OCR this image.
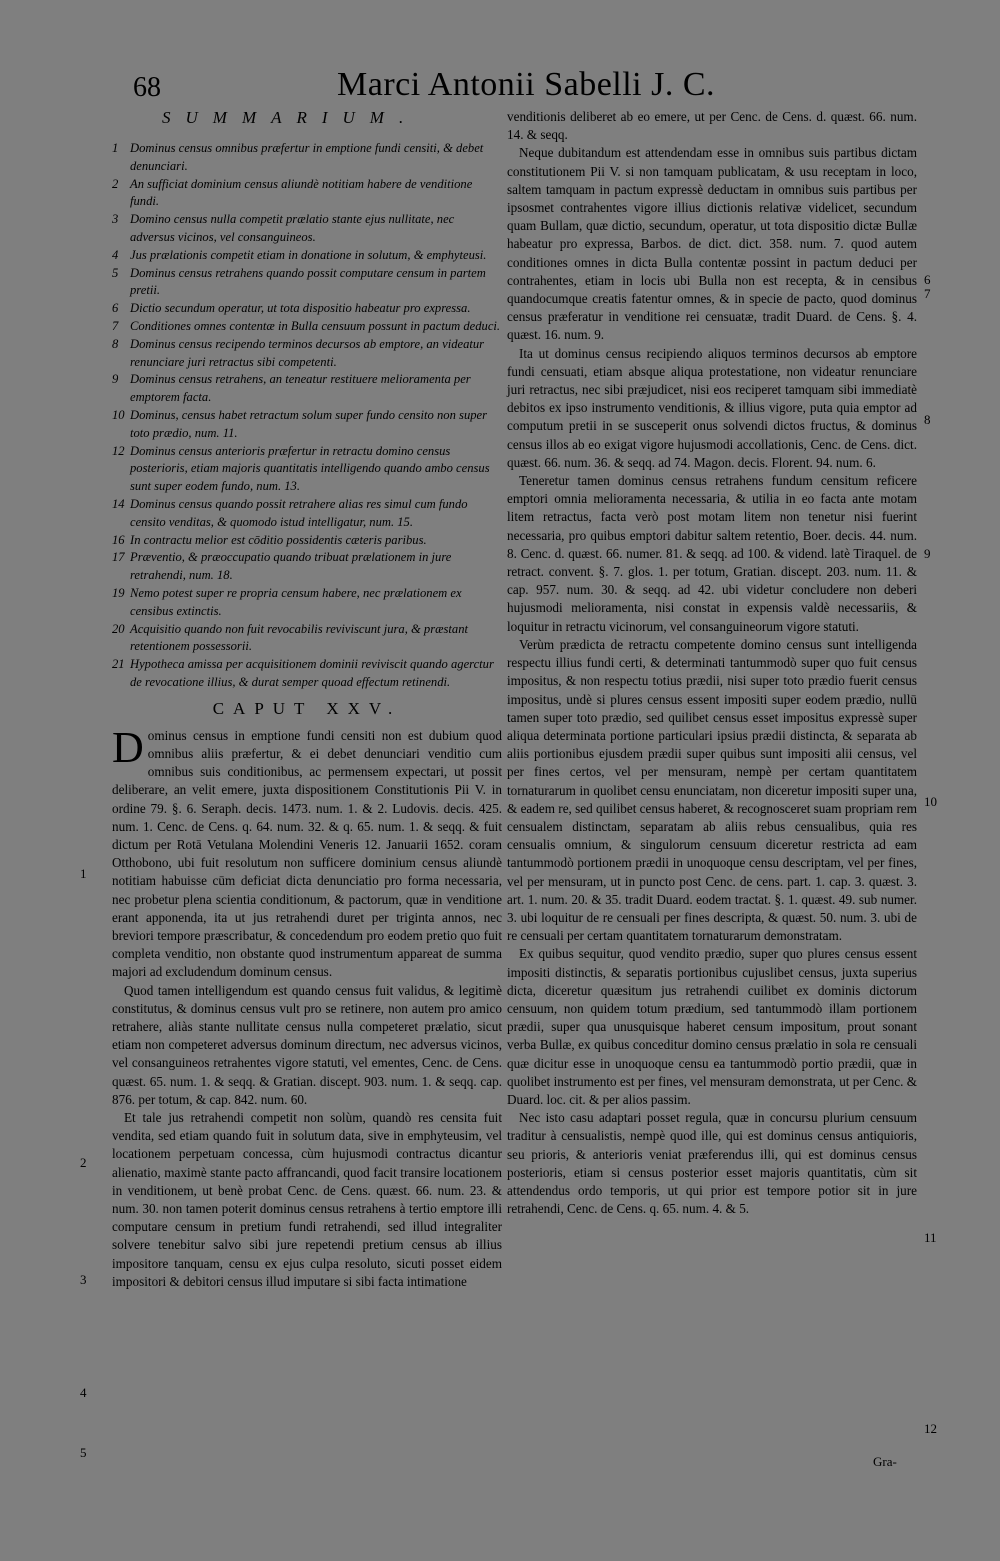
68	Marci Antonii Sabelli J. C.
SUMMARIUM.
1 Dominus census omnibus præfertur in emptione fundi censiti, & debet denunciari.
2 An sufficiat dominium census aliundè notitiam habere de venditione fundi.
3 Domino census nulla competit prælatio stante ejus nullitate, nec adversus vicinos, vel consanguineos.
4 Jus prælationis competit etiam in donatione in solutum, & emphyteusi.
5 Dominus census retrahens quando possit computare censum in partem pretii.
6 Dictio secundum operatur, ut tota dispositio habeatur pro expressa.
7 Conditiones omnes contentæ in Bulla censuum possunt in pactum deduci.
8 Dominus census recipendo terminos decursos ab emptore, an videatur renunciare juri retractus sibi competenti.
9 Dominus census retrahens, an teneatur restituere melioramenta per emptorem facta.
10 Dominus, census habet retractum solum super fundo censito non super toto prædio, num. 11.
12 Dominus census anterioris præfertur in retractu domino census posterioris, etiam majoris quantitatis intelligendo quando ambo census sunt super eodem fundo, num. 13.
14 Dominus census quando possit retrahere alias res simul cum fundo censito venditas, & quomodo istud intelligatur, num. 15.
16 In contractu melior est cōditio possidentis cæteris paribus.
17 Præventio, & præoccupatio quando tribuat prælationem in jure retrahendi, num. 18.
19 Nemo potest super re propria censum habere, nec prælationem ex censibus extinctis.
20 Acquisitio quando non fuit revocabilis reviviscunt jura, & præstant retentionem possessorii.
21 Hypotheca amissa per acquisitionem dominii reviviscit quando agerctur de revocatione illius, & durat semper quoad effectum retinendi.
CAPUT XXV.

Dominus census in emptione fundi censiti non est dubium quod omnibus aliis præfertur, & ei debet denunciari venditio cum omnibus suis conditionibus, ac permensem expectari, ut possit deliberare, an velit emere, juxta dispositionem Constitutionis Pii V. in ordine 79. §. 6. Seraph. decis. 1473. num. 1. & 2. Ludovis. decis. 425. num. 1. Cenc. de Cens. q. 64. num. 32. & q. 65. num. 1. & seqq. & fuit dictum per Rotā Vetulana Molendini Veneris 12. Januarii 1652. coram Otthobono, ubi fuit resolutum non sufficere dominium census aliundè notitiam habuisse cūm deficiat dicta denunciatio pro forma necessaria, nec probetur plena scientia conditionum, & pactorum, quæ in venditione erant apponenda, ita ut jus retrahendi duret per triginta annos, nec breviori tempore præscribatur, & concedendum pro eodem pretio quo fuit completa venditio, non obstante quod instrumentum appareat de summa majori ad excludendum dominum census.

Quod tamen intelligendum est quando census fuit validus, & legitimè constitutus, & dominus census vult pro se retinere, non autem pro amico retrahere, aliàs stante nullitate census nulla competeret prælatio, sicut etiam non competeret adversus dominum directum, nec adversus vicinos, vel consanguineos retrahentes vigore statuti, vel ementes, Cenc. de Cens. quæst. 65. num. 1. & seqq. & Gratian. discept. 903. num. 1. & seqq. cap. 876. per totum, & cap. 842. num. 60.

Et tale jus retrahendi competit non solùm, quandò res censita fuit vendita, sed etiam quando fuit in solutum data, sive in emphyteusim, vel locationem perpetuam concessa, cùm hujusmodi contractus dicantur alienatio, maximè stante pacto affrancandi, quod facit transire locationem in venditionem, ut benè probat Cenc. de Cens. quæst. 66. num. 23. & num. 30. non tamen poterit dominus census retrahens à tertio emptore illi computare censum in pretium fundi retrahendi, sed illud integraliter solvere tenebitur salvo sibi jure repetendi pretium census ab illius impositore tanquam, censu ex ejus culpa resoluto, sicuti posset eidem impositori & debitori census illud imputare si sibi facta intimatione

venditionis deliberet ab eo emere, ut per Cenc. de Cens. d. quæst. 66. num. 14. & seqq.

Neque dubitandum est attendendam esse in omnibus suis partibus dictam constitutionem Pii V. si non tamquam publicatam, & usu receptam in loco, saltem tamquam in pactum expressè deductam in omnibus suis partibus per ipsosmet contrahentes vigore illius dictionis relativæ videlicet, secundum quam Bullam, quæ dictio, secundum, operatur, ut tota dispositio dictæ Bullæ habeatur pro expressa, Barbos. de dict. dict. 358. num. 7. quod autem conditiones omnes in dicta Bulla contentæ possint in pactum deduci per contrahentes, etiam in locis ubi Bulla non est recepta, & in censibus quandocumque creatis fatentur omnes, & in specie de pacto, quod dominus census præferatur in venditione rei censuatæ, tradit Duard. de Cens. §. 4. quæst. 16. num. 9.

Ita ut dominus census recipiendo aliquos terminos decursos ab emptore fundi censuati, etiam absque aliqua protestatione, non videatur renunciare juri retractus, nec sibi præjudicet, nisi eos reciperet tamquam sibi immediatè debitos ex ipso instrumento venditionis, & illius vigore, puta quia emptor ad computum pretii in se susceperit onus solvendi dictos fructus, & dominus census illos ab eo exigat vigore hujusmodi accollationis, Cenc. de Cens. dict. quæst. 66. num. 36. & seqq. ad 74. Magon. decis. Florent. 94. num. 6.

Teneretur tamen dominus census retrahens fundum censitum reficere emptori omnia melioramenta necessaria, & utilia in eo facta ante motam litem retractus, facta verò post motam litem non tenetur nisi fuerint necessaria, pro quibus emptori dabitur saltem retentio, Boer. decis. 44. num. 8. Cenc. d. quæst. 66. numer. 81. & seqq. ad 100. & vidend. latè Tiraquel. de retract. convent. §. 7. glos. 1. per totum, Gratian. discept. 203. num. 11. & cap. 957. num. 30. & seqq. ad 42. ubi videtur concludere non deberi hujusmodi melioramenta, nisi constat in expensis valdè necessariis, & loquitur in retractu vicinorum, vel consanguineorum vigore statuti.

Verùm prædicta de retractu competente domino census sunt intelligenda respectu illius fundi certi, & determinati tantummodò super quo fuit census impositus, & non respectu totius prædii, nisi super toto prædio fuerit census impositus, undè si plures census essent impositi super eodem prædio, nullū tamen super toto prædio, sed quilibet census esset impositus expressè super aliqua determinata portione particulari ipsius prædii distincta, & separata ab aliis portionibus ejusdem prædii super quibus sunt impositi alii census, vel per fines certos, vel per mensuram, nempè per certam quantitatem tornaturarum in quolibet censu enunciatam, non diceretur impositi super una, & eadem re, sed quilibet census haberet, & recognosceret suam propriam rem censualem distinctam, separatam ab aliis rebus censualibus, quia res censualis omnium, & singulorum censuum diceretur restricta ad eam tantummodò portionem prædii in unoquoque censu descriptam, vel per fines, vel per mensuram, ut in puncto post Cenc. de cens. part. 1. cap. 3. quæst. 3. art. 1. num. 20. & 35. tradit Duard. eodem tractat. §. 1. quæst. 49. sub numer. 3. ubi loquitur de re censuali per fines descripta, & quæst. 50. num. 3. ubi de re censuali per certam quantitatem tornaturarum demonstratam.

Ex quibus sequitur, quod vendito prædio, super quo plures census essent impositi distinctis, & separatis portionibus cujuslibet census, juxta superius dicta, diceretur quæsitum jus retrahendi cuilibet ex dominis dictorum censuum, non quidem totum prædium, sed tantummodò illam portionem prædii, super qua unusquisque haberet censum impositum, prout sonant verba Bullæ, ex quibus conceditur domino census prælatio in sola re censuali quæ dicitur esse in unoquoque censu ea tantummodò portio prædii, quæ in quolibet instrumento est per fines, vel mensuram demonstrata, ut per Cenc. & Duard. loc. cit. & per alios passim.

Nec isto casu adaptari posset regula, quæ in concursu plurium censuum traditur à censualistis, nempè quod ille, qui est dominus census antiquioris, seu prioris, & anterioris veniat præferendus illi, qui est dominus census posterioris, etiam si census posterior esset majoris quantitatis, cùm sit attendendus ordo temporis, ut qui prior est tempore potior sit in jure retrahendi, Cenc. de Cens. q. 65. num. 4. & 5.

1
2
3
4
5
6
8
9
10
11
12
7
Gra-
